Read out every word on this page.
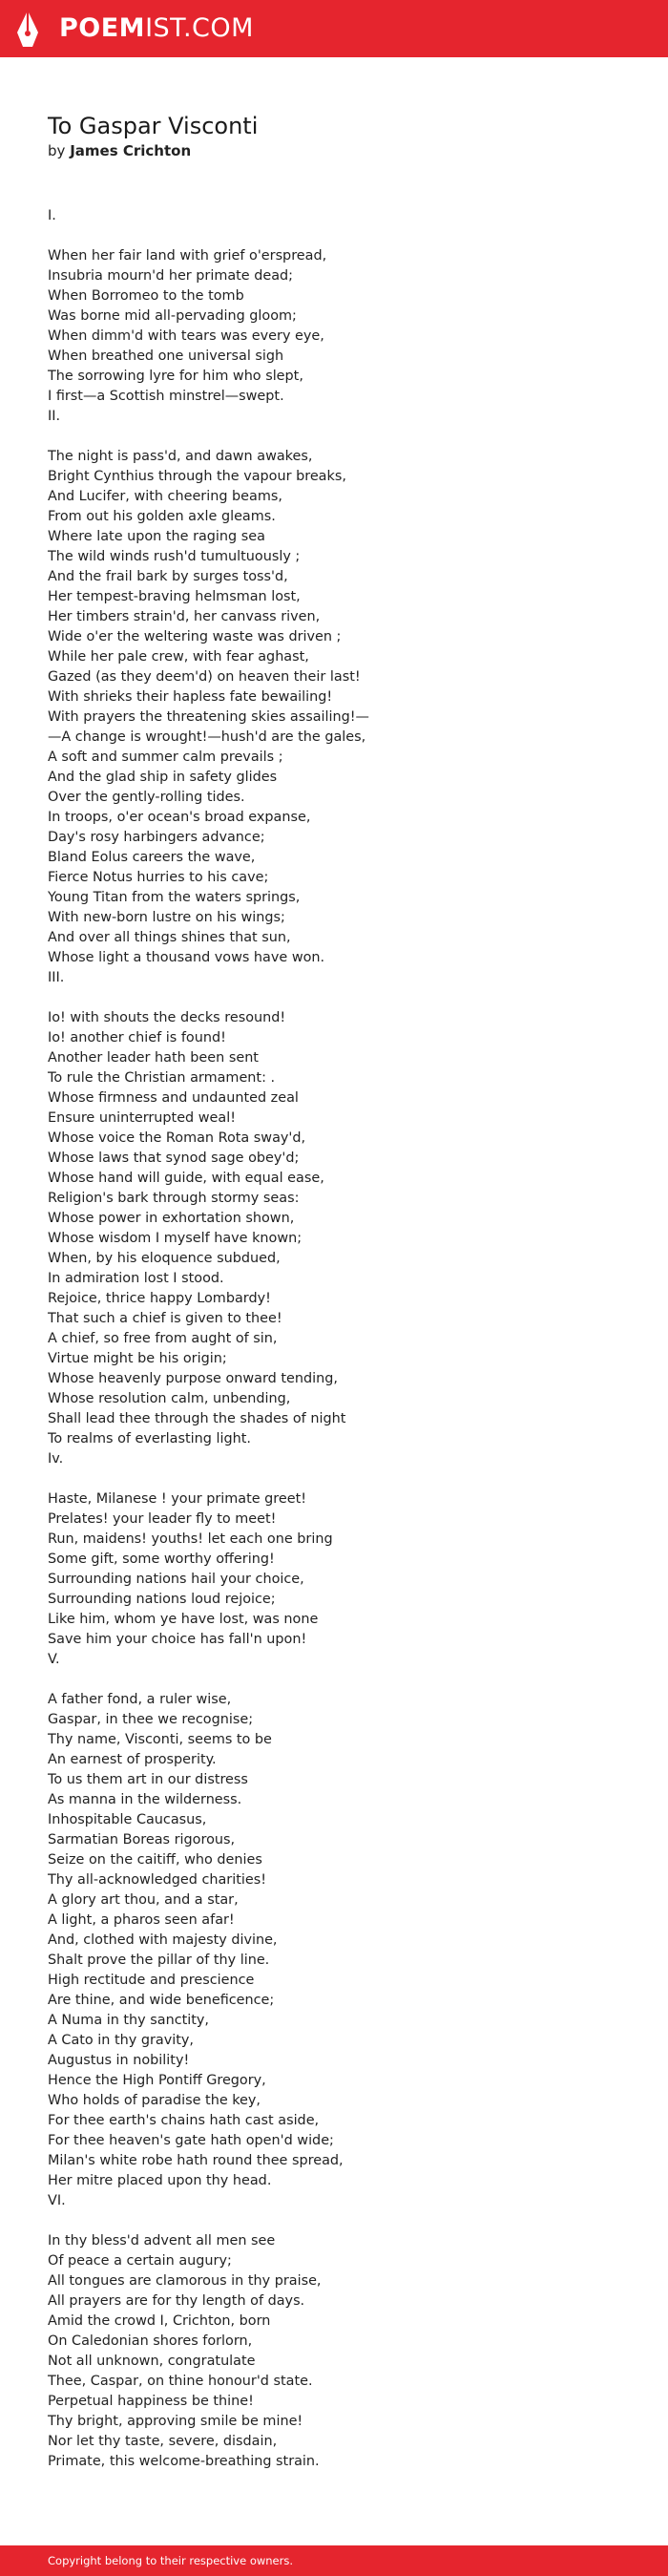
POEMIST.COM
To Gaspar Visconti
by James Crichton
I.
When her fair land with grief o'erspread,
Insubria mourn'd her primate dead;
When Borromeo to the tomb
Was borne mid all-pervading gloom;
When dimm'd with tears was every eye,
When breathed one universal sigh
The sorrowing lyre for him who slept,
I first—a Scottish minstrel—swept.
II.
The night is pass'd, and dawn awakes,
Bright Cynthius through the vapour breaks,
And Lucifer, with cheering beams,
From out his golden axle gleams.
Where late upon the raging sea
The wild winds rush'd tumultuously ;
And the frail bark by surges toss'd,
Her tempest-braving helmsman lost,
Her timbers strain'd, her canvass riven,
Wide o'er the weltering waste was driven ;
While her pale crew, with fear aghast,
Gazed (as they deem'd) on heaven their last!
With shrieks their hapless fate bewailing!
With prayers the threatening skies assailing!—
—A change is wrought!—hush'd are the gales,
A soft and summer calm prevails ;
And the glad ship in safety glides
Over the gently-rolling tides.
In troops, o'er ocean's broad expanse,
Day's rosy harbingers advance;
Bland Eolus careers the wave,
Fierce Notus hurries to his cave;
Young Titan from the waters springs,
With new-born lustre on his wings;
And over all things shines that sun,
Whose light a thousand vows have won.
III.
Io! with shouts the decks resound!
Io! another chief is found!
Another leader hath been sent
To rule the Christian armament: .
Whose firmness and undaunted zeal
Ensure uninterrupted weal!
Whose voice the Roman Rota sway'd,
Whose laws that synod sage obey'd;
Whose hand will guide, with equal ease,
Religion's bark through stormy seas:
Whose power in exhortation shown,
Whose wisdom I myself have known;
When, by his eloquence subdued,
In admiration lost I stood.
Rejoice, thrice happy Lombardy!
That such a chief is given to thee!
A chief, so free from aught of sin,
Virtue might be his origin;
Whose heavenly purpose onward tending,
Whose resolution calm, unbending,
Shall lead thee through the shades of night
To realms of everlasting light.
Iv.
Haste, Milanese ! your primate greet!
Prelates! your leader fly to meet!
Run, maidens! youths! let each one bring
Some gift, some worthy offering!
Surrounding nations hail your choice,
Surrounding nations loud rejoice;
Like him, whom ye have lost, was none
Save him your choice has fall'n upon!
V.
A father fond, a ruler wise,
Gaspar, in thee we recognise;
Thy name, Visconti, seems to be
An earnest of prosperity.
To us them art in our distress
As manna in the wilderness.
Inhospitable Caucasus,
Sarmatian Boreas rigorous,
Seize on the caitiff, who denies
Thy all-acknowledged charities!
A glory art thou, and a star,
A light, a pharos seen afar!
And, clothed with majesty divine,
Shalt prove the pillar of thy line.
High rectitude and prescience
Are thine, and wide beneficence;
A Numa in thy sanctity,
A Cato in thy gravity,
Augustus in nobility!
Hence the High Pontiff Gregory,
Who holds of paradise the key,
For thee earth's chains hath cast aside,
For thee heaven's gate hath open'd wide;
Milan's white robe hath round thee spread,
Her mitre placed upon thy head.
VI.
In thy bless'd advent all men see
Of peace a certain augury;
All tongues are clamorous in thy praise,
All prayers are for thy length of days.
Amid the crowd I, Crichton, born
On Caledonian shores forlorn,
Not all unknown, congratulate
Thee, Caspar, on thine honour'd state.
Perpetual happiness be thine!
Thy bright, approving smile be mine!
Nor let thy taste, severe, disdain,
Primate, this welcome-breathing strain.
Copyright belong to their respective owners.
